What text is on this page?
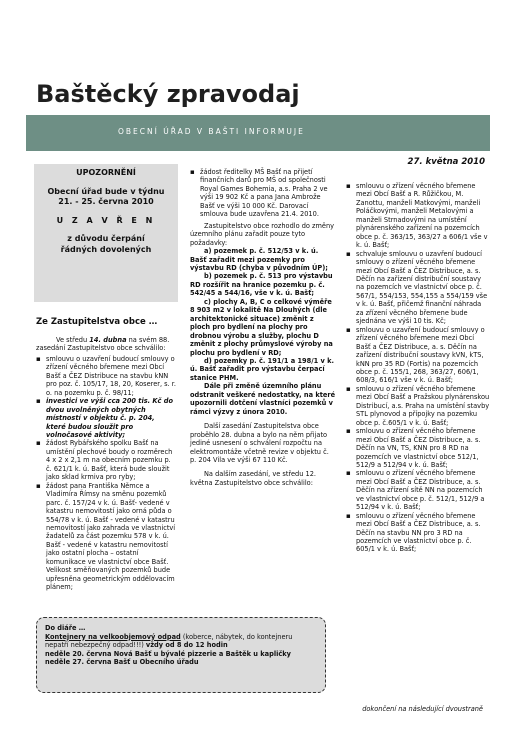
Baštěcký zpravodaj
OBECNÍ ÚŘAD V BAŠTI INFORMUJE
27. května 2010
UPOZORNĚNÍ
Obecní úřad bude v týdnu
21. - 25. června 2010
U Z A V Ř E N
z důvodu čerpání
řádných dovolených
Ze Zastupitelstva obce …

Ve středu 14. dubna na svém 88. zasedání Zastupitelstvo obce schválilo:

▪ smlouvu o uzavření budoucí smlouvy o zřízení věcného břemene mezi Obcí Bašť a ČEZ Distribuce na stavbu kNN pro poz. č. 105/17, 18, 20, Koserer, s. r. o. na pozemku p. č. 98/11;
▪ investici ve výši cca 200 tis. Kč do dvou uvolněných obytných místností v objektu č. p. 204, které budou sloužit pro volnočasové aktivity;
▪ žádost Rybářského spolku Bašť na umístění plechové boudy o rozměrech 4 x 2 x 2,1 m na obecním pozemku p. č. 621/1 k. ú. Bašť, která bude sloužit jako sklad krmiva pro ryby;
▪ žádost pana Františka Němce a Vladimíra Římsy na směnu pozemků parc. č. 157/24 v k. ú. Bašť- vedené v katastru nemovitostí jako orná půda o 554/78 v k. ú. Bašť - vedené v katastru nemovitostí jako zahrada ve vlastnictví žadatelů za část pozemku 578 v k. ú. Bašť - vedené v katastru nemovitostí jako ostatní plocha – ostatní komunikace ve vlastnictví obce Bašť. Velikost směňovaných pozemků bude upřesněna geometrickým oddělovacím plánem;
▪ žádost ředitelky MŠ Bašť na přijetí finančních darů pro MŠ od společnosti Royal Games Bohemia, a.s. Praha 2 ve výši 19 902 Kč a pana Jana Ambrože Bašť ve výši 10 000 Kč. Darovací smlouva bude uzavřena 21.4. 2010.

Zastupitelstvo obce rozhodlo do změny územního plánu zařadit pouze tyto požadavky:

a) pozemek p. č. 512/53 v k. ú. Bašť zařadit mezi pozemky pro výstavbu RD (chyba v původním ÚP);

b) pozemek p. č. 513 pro výstavbu RD rozšířit na hranice pozemku p. č. 542/45 a 544/16, vše v k. ú. Bašť;

c) plochy A, B, C o celkové výměře 8 903 m2 v lokalitě Na Dlouhých (dle architektonické situace) změnit z ploch pro bydlení na plochy pro drobnou výrobu a služby, plochu D změnit z plochy průmyslové výroby na plochu pro bydlení v RD;

d) pozemky p. č. 191/1 a 198/1 v k. ú. Bašť zařadit pro výstavbu čerpací stanice PHM.

Dále při změně územního plánu odstranit veškeré nedostatky, na které upozornili dotčení vlastníci pozemků v rámci výzvy z února 2010.

Další zasedání Zastupitelstva obce proběhlo 28. dubna a bylo na něm přijato jediné usnesení o schválení rozpočtu na elektromontáže včetně revize v objektu č. p. 204 Vila ve výši 67 110 Kč.

Na dalším zasedání, ve středu 12. května Zastupitelstvo obce schválilo:

▪ smlouvu o zřízení věcného břemene mezi Obcí Bašť a R. Růžičkou, M. Zanottu, manželi Matkovými, manželi Poláčkovými, manželi Metalovými a manželi Strnadovými na umístění plynárenského zařízení na pozemcích obce p. č. 363/15, 363/27 a 606/1 vše v k. ú. Bašť;
▪ schvaluje smlouvu o uzavření budoucí smlouvy o zřízení věcného břemene mezi Obcí Bašť a ČEZ Distribuce, a. s. Děčín na zařízení distribuční soustavy na pozemcích ve vlastnictví obce p. č. 567/1, 554/153, 554,155 a 554/159 vše v k. ú. Bašť, přičemž finanční náhrada za zřízení věcného břemene bude sjednána ve výši 10 tis. Kč;
▪ smlouvu o uzavření budoucí smlouvy o zřízení věcného břemene mezi Obcí Bašť a ČEZ Distribuce, a. s. Děčín na zařízení distribuční soustavy kVN, kTS, kNN pro 35 RD (Fortis) na pozemcích obce p. č. 155/1, 268, 363/27, 606/1, 608/3, 616/1 vše v k. ú. Bašť;
▪ smlouvu o zřízení věcného břemene mezi Obcí Bašť a Pražskou plynárenskou Distribucí, a.s. Praha na umístění stavby STL plynovod a přípojky na pozemku obce p. č.605/1 v k. ú. Bašť;
▪ smlouvu o zřízení věcného břemene mezi Obcí Bašť a ČEZ Distribuce, a. s. Děčín na VN, TS, KNN pro 8 RD na pozemcích ve vlastnictví obce 512/1, 512/9 a 512/94 v k. ú. Bašť;
▪ smlouvu o zřízení věcného břemene mezi Obcí Bašť a ČEZ Distribuce, a. s. Děčín na zřízení sítě NN na pozemcích ve vlastnictví obce p. č. 512/1, 512/9 a 512/94 v k. ú. Bašť;
▪ smlouvu o zřízení věcného břemene mezi Obcí Bašť a ČEZ Distribuce, a. s. Děčín na stavbu NN pro 3 RD na pozemcích ve vlastnictví obce p. č. 605/1 v k. ú. Bašť;
Do diáře …
Kontejnery na velkoobjemový odpad (koberce, nábytek, do kontejneru nepatří nebezpečný odpad!!!) vždy od 8 do 12 hodin
neděle 20. června Nová Bašť u bývalé pizzerie a Baštěk u kapličky
neděle 27. června Bašť u Obecního úřadu
dokončení na následující dvoustraně
